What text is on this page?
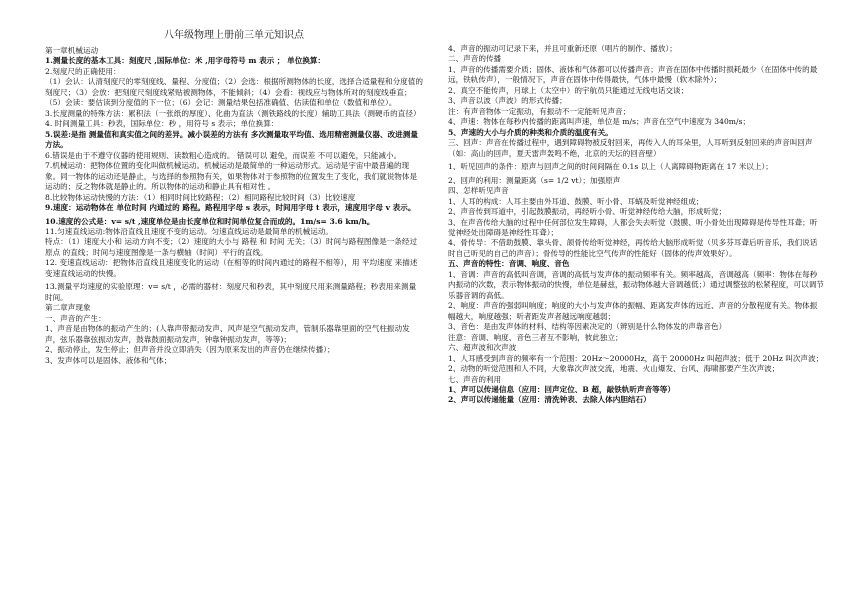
八年级物理上册前三单元知识点

第一章机械运动

1.测量长度的基本工具：刻度尺 ,国际单位：米 ,用字母符号 m 表示 ； 单位换算：

2.刻度尺的正确使用：

（1）会认：认清刻度尺的零刻度线、量程、分度值；（2）会选：根据所测物体的长度，选择合适量程和分度值的刻度尺；（3）会放：把刻度尺刻度线紧贴被测物体，不能倾斜；（4）会看：视线应与物体所对的刻度线垂直；（5）会读：要估读到分度值的下一位；（6）会记：测量结果包括准确值、估读值和单位（数值和单位）。

3.长度测量的特殊方法：累积法（一张纸的厚度）、化曲为直法（测铁路线的长度）辅助工具法（测硬币的直径）

4. 时间测量工具：秒表，国际单位：秒 ，用符号 s 表示；单位换算：

5.误差:是指 测量值和真实值之间的差异。减小误差的方法有 多次测量取平均值、选用精密测量仪器、改进测量方法。

6.错误是由于不遵守仪器的使用规则、读数粗心造成的。 错误可以 避免，而误差 不可以避免，只能减小。

7.机械运动：把物体位置的变化叫做机械运动。机械运动是最简单的一种运动形式。运动是宇宙中最普遍的现象。同一物体的运动还是静止，与选择的参照物有关，如果物体对于参照物的位置发生了变化，我们就说物体是运动的；反之物体就是静止的。所以物体的运动和静止具有相对性 。

8.比较物体运动快慢的方法：（1）相同时间比较路程；（2）相同路程比较时间（3）比较速度

9.速度：运动物体在 单位时间 内通过的 路程。路程用字母 s 表示，时间用字母 t 表示，速度用字母 v 表示。

10.速度的公式是：v= s/t ,速度单位是由长度单位和时间单位复合而成的。1m/s= 3.6 km/h。

11.匀速直线运动:物体沿直线且速度不变的运动。匀速直线运动是最简单的机械运动。

特点：（1）速度大小和 运动方向不变；（2）速度的大小与 路程 和 时间 无关；（3）时间与路程图像是一条经过 原点 的直线；时间与速度图像是一条与横轴（时间）平行的直线。

12. 变速直线运动：把物体沿直线且速度变化的运动（在相等的时间内通过的路程不相等），用 平均速度 来描述变速直线运动的快慢。

13.测量平均速度的实验原理：v= s/t ，必需的器材：刻度尺和秒表，其中刻度尺用来测量路程；秒表用来测量时间。

第二章声现象

一、声音的产生：

1、声音是由物体的振动产生的；(人靠声带振动发声、风声是空气振动发声，管制乐器靠里面的空气柱振动发声，弦乐器靠弦振动发声，鼓靠鼓面振动发声，钟靠钟振动发声，等等)；

2、振动停止，发生停止；但声音并没立即消失（因为原来发出的声音仍在继续传播）；

3、发声体可以是固体、液体和气体；

4、声音的振动可记录下来，并且可重新还原（唱片的制作、播放）；

二、声音的传播

1、声音的传播需要介质；固体、液体和气体都可以传播声音；声音在固体中传播时损耗最少（在固体中传的最远，铁轨传声），一般情况下，声音在固体中传得最快，气体中最慢（软木除外）；

2、真空不能传声，月球上（太空中）的宇航员只能通过无线电话交谈；

3、声音以波（声波）的形式传播；

注：有声音物体一定振动，有振动不一定能听见声音；

4、声速：物体在每秒内传播的距离叫声速，单位是 m/s；声音在空气中速度为 340m/s；

5、声速的大小与介质的种类和介质的温度有关。

三、回声：声音在传播过程中，遇到障碍物被反射回来，再传入人的耳朵里，人耳听到反射回来的声音叫回声（如：高山的回声，夏天雷声轰鸣不绝，北京的天坛的回音壁）

1、听见回声的条件：原声与回声之间的时间间隔在 0.1s 以上（人离障碍物距离在 17 米以上）；

2、回声的利用：测量距离（s= 1/2 vt）；加强原声

四、怎样听见声音

1、人耳的构成：人耳主要由外耳道、鼓膜、听小骨、耳蜗及听觉神经组成；

2、声音传到耳道中，引起鼓膜振动，再经听小骨、听觉神经传给大脑，形成听觉；

3、在声音传给大脑的过程中任何部位发生障碍，人都会失去听觉（鼓膜、听小骨处出现障碍是传导性耳聋；听觉神经处出障碍是神经性耳聋）；

4、骨传导：不借助鼓膜、靠头骨、颌骨传给听觉神经，再传给大脑形成听觉（贝多芬耳聋后听音乐，我们说话时自己听见的自己的声音）；骨传导的性能比空气传声的性能好（固体的传声效果好）。

五、声音的特性：音调、响度、音色

1、音调：声音的高低叫音调，音调的高低与发声体的振动频率有关。频率越高，音调越高（频率：物体在每秒内振动的次数，表示物体振动的快慢，单位是赫兹，振动物体越大音调越低；）通过调整弦的松紧程度，可以调节乐器音调的高低。

2、响度：声音的强弱叫响度；响度的大小与发声体的振幅、距离发声体的远近、声音的分散程度有关。物体振幅越大，响度越强；听者距发声者越远响度越弱；

3、音色：是由发声体的材料、结构等因素决定的（辨别是什么物体发的声靠音色）

注意：音调、响度、音色三者互不影响，彼此独立；

六、超声波和次声波

1、人耳感受到声音的频率有一个范围：20Hz～20000Hz，高于 20000Hz 叫超声波；低于 20Hz 叫次声波；

2、动物的听觉范围和人不同，大象靠次声波交流，地震、火山爆发、台风、海啸都要产生次声波；

七、声音的利用

1、声可以传递信息（应用：回声定位、B 超，敲铁轨听声音等等）

2、声可以传递能量（应用：清洗钟表、去除人体内胆结石）
